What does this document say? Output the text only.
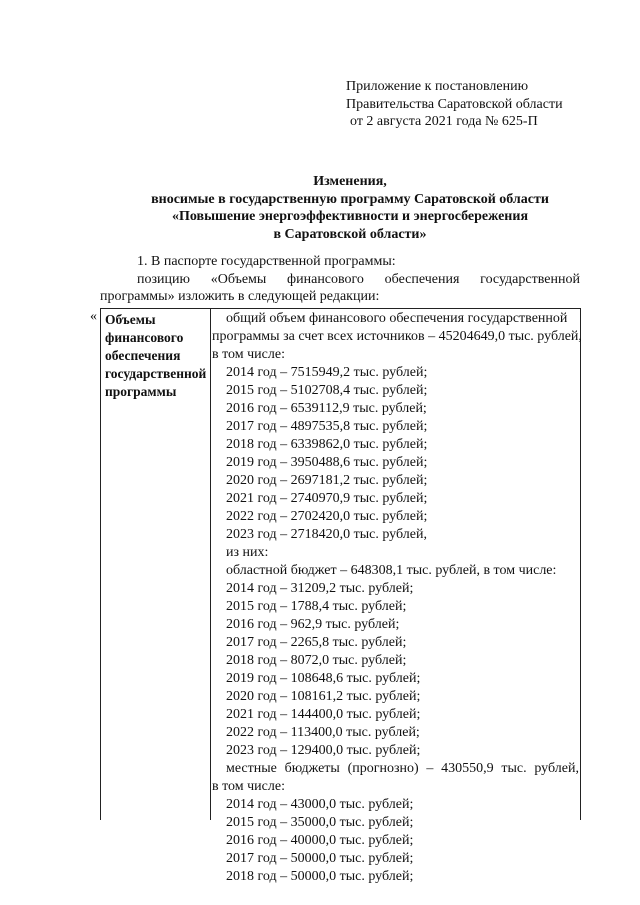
Приложение к постановлению
Правительства Саратовской области
от 2 августа 2021 года № 625-П
Изменения,
вносимые в государственную программу Саратовской области
«Повышение энергоэффективности и энергосбережения
в Саратовской области»
1. В паспорте государственной программы:
позицию «Объемы финансового обеспечения государственной
программы» изложить в следующей редакции:
« Объемы
финансового
обеспечения
государственной
программы
общий объем финансового обеспечения государственной
программы за счет всех источников – 45204649,0 тыс. рублей,
в том числе:
2014 год – 7515949,2 тыс. рублей;
2015 год – 5102708,4 тыс. рублей;
2016 год – 6539112,9 тыс. рублей;
2017 год – 4897535,8 тыс. рублей;
2018 год – 6339862,0 тыс. рублей;
2019 год – 3950488,6 тыс. рублей;
2020 год – 2697181,2 тыс. рублей;
2021 год – 2740970,9 тыс. рублей;
2022 год – 2702420,0 тыс. рублей;
2023 год – 2718420,0 тыс. рублей,
из них:
областной бюджет – 648308,1 тыс. рублей, в том числе:
2014 год – 31209,2 тыс. рублей;
2015 год – 1788,4 тыс. рублей;
2016 год – 962,9 тыс. рублей;
2017 год – 2265,8 тыс. рублей;
2018 год – 8072,0 тыс. рублей;
2019 год – 108648,6 тыс. рублей;
2020 год – 108161,2 тыс. рублей;
2021 год – 144400,0 тыс. рублей;
2022 год – 113400,0 тыс. рублей;
2023 год – 129400,0 тыс. рублей;
местные бюджеты (прогнозно) – 430550,9 тыс. рублей,
в том числе:
2014 год – 43000,0 тыс. рублей;
2015 год – 35000,0 тыс. рублей;
2016 год – 40000,0 тыс. рублей;
2017 год – 50000,0 тыс. рублей;
2018 год – 50000,0 тыс. рублей;
